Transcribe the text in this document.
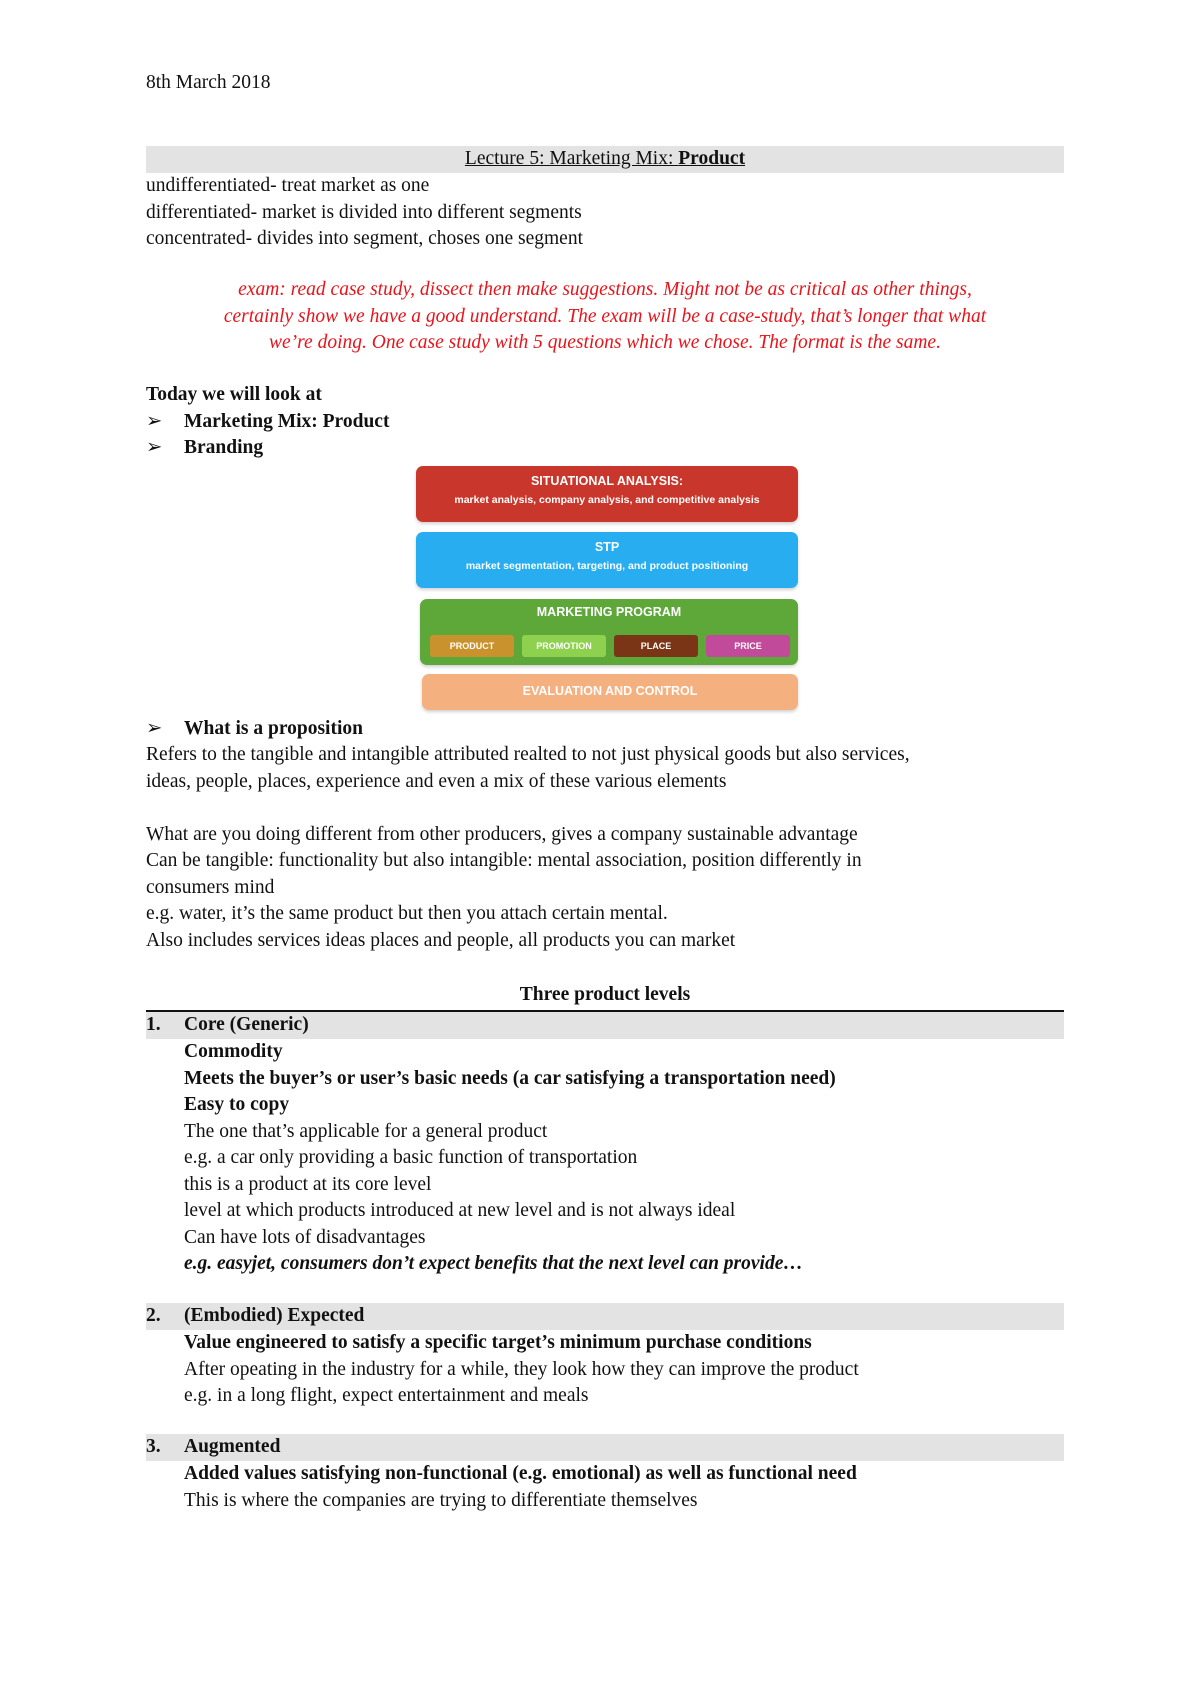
8th March 2018
Lecture 5: Marketing Mix: Product
undifferentiated- treat market as one
differentiated- market is divided into different segments
concentrated- divides into segment, choses one segment
exam: read case study, dissect then make suggestions. Might not be as critical as other things,
certainly show we have a good understand. The exam will be a case-study, that’s longer that what
we’re doing. One case study with 5 questions which we chose. The format is the same.
Today we will look at
➢	Marketing Mix: Product
➢	Branding
SITUATIONAL ANALYSIS:
market analysis, company analysis, and competitive analysis
STP
market segmentation, targeting, and product positioning
MARKETING PROGRAM
PRODUCT	PROMOTION	PLACE	PRICE
EVALUATION AND CONTROL
➢	What is a proposition
Refers to the tangible and intangible attributed realted to not just physical goods but also services,
ideas, people, places, experience and even a mix of these various elements
What are you doing different from other producers, gives a company sustainable advantage
Can be tangible: functionality but also intangible: mental association, position differently in
consumers mind
e.g. water, it’s the same product but then you attach certain mental.
Also includes services ideas places and people, all products you can market
Three product levels
1.	Core (Generic)
Commodity
Meets the buyer’s or user’s basic needs (a car satisfying a transportation need)
Easy to copy
The one that’s applicable for a general product
e.g. a car only providing a basic function of transportation
this is a product at its core level
level at which products introduced at new level and is not always ideal
Can have lots of disadvantages
e.g. easyjet, consumers don’t expect benefits that the next level can provide…
2.	(Embodied) Expected
Value engineered to satisfy a specific target’s minimum purchase conditions
After opeating in the industry for a while, they look how they can improve the product
e.g. in a long flight, expect entertainment and meals
3.	Augmented
Added values satisfying non-functional (e.g. emotional) as well as functional need
This is where the companies are trying to differentiate themselves
